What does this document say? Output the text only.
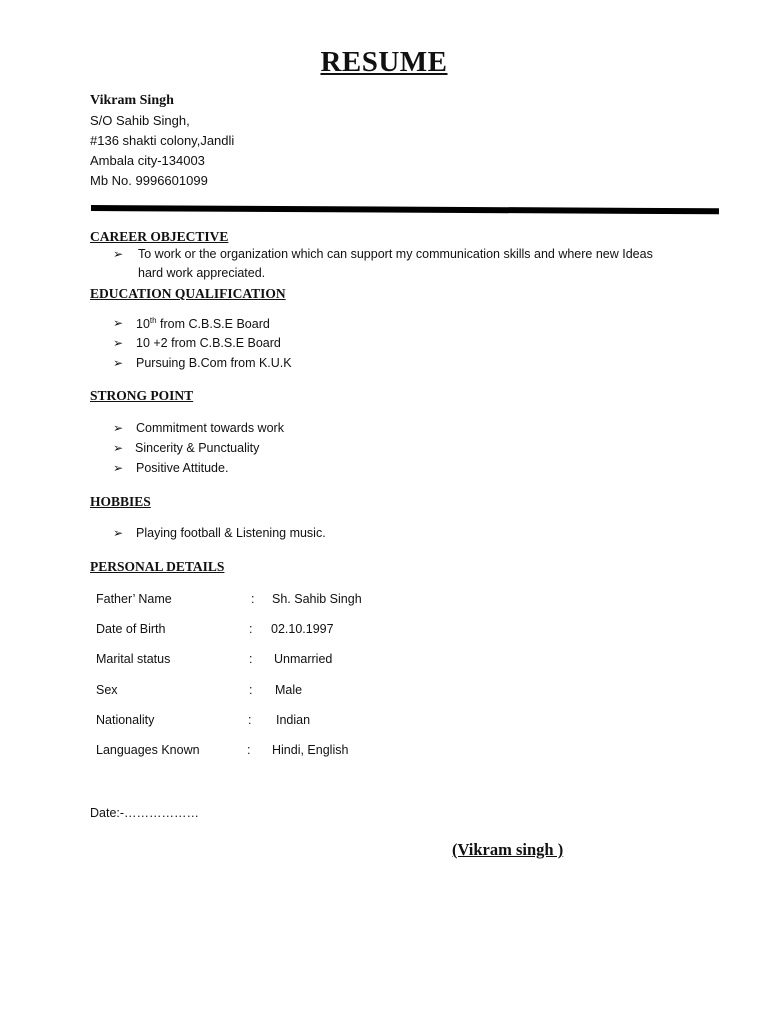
RESUME
Vikram Singh
S/O Sahib Singh,
#136 shakti colony,Jandli
Ambala city-134003
Mb No. 9996601099
CAREER OBJECTIVE
➢ To work or the organization which can support my communication skills and where new Ideas
hard work appreciated.
EDUCATION QUALIFICATION
➢ 10th from C.B.S.E Board
➢ 10 +2 from C.B.S.E Board
➢ Pursuing B.Com from K.U.K
STRONG POINT
➢ Commitment towards work
➢ Sincerity & Punctuality
➢ Positive Attitude.
HOBBIES
➢ Playing football & Listening music.
PERSONAL DETAILS
Father’ Name	: Sh. Sahib Singh
Date of Birth	: 02.10.1997
Marital status	: Unmarried
Sex	: Male
Nationality	: Indian
Languages Known	: Hindi, English
Date:-………………
(Vikram singh )
